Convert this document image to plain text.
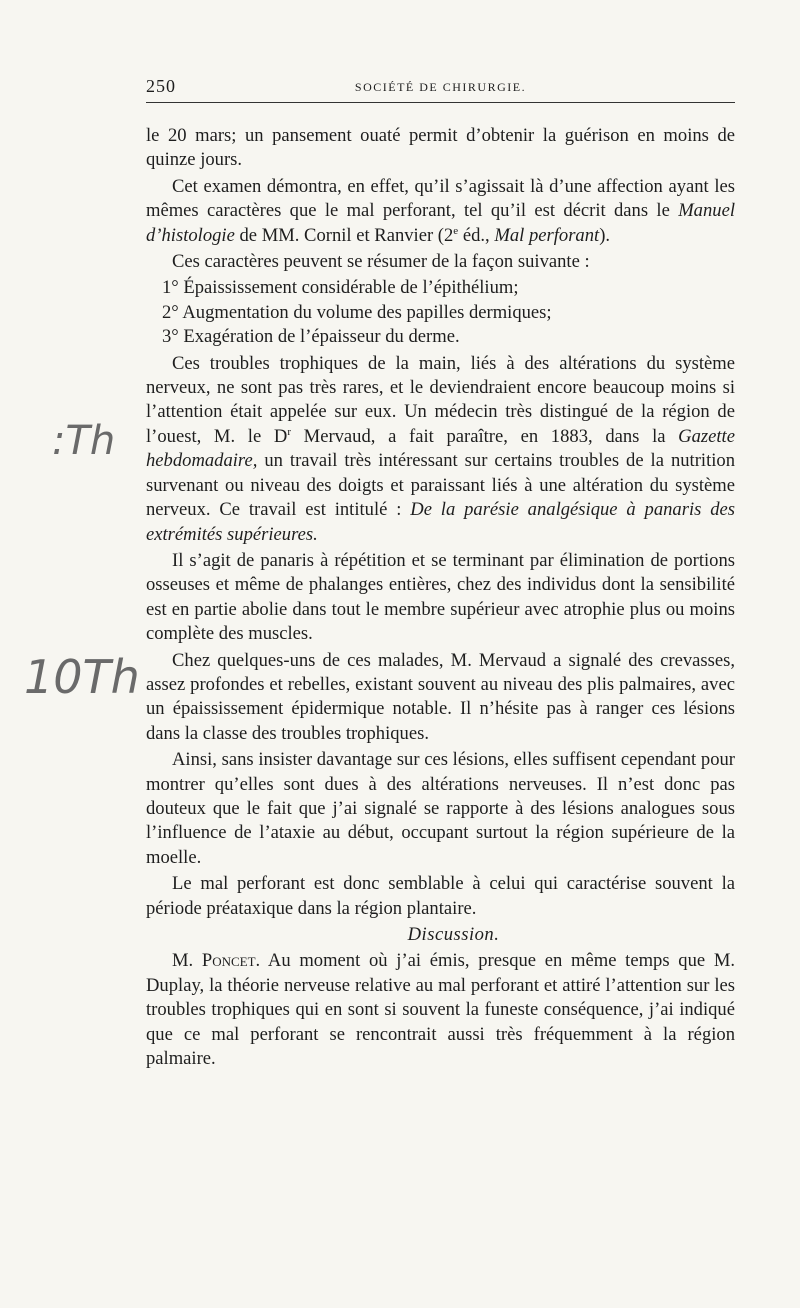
250	SOCIÉTÉ DE CHIRURGIE.
:Th
10Th

le 20 mars; un pansement ouaté permit d’obtenir la guérison en moins de quinze jours.

Cet examen démontra, en effet, qu’il s’agissait là d’une affection ayant les mêmes caractères que le mal perforant, tel qu’il est décrit dans le Manuel d’histologie de MM. Cornil et Ranvier (2e éd., Mal perforant).

Ces caractères peuvent se résumer de la façon suivante :

1° Épaississement considérable de l’épithélium;

2° Augmentation du volume des papilles dermiques;

3° Exagération de l’épaisseur du derme.

Ces troubles trophiques de la main, liés à des altérations du système nerveux, ne sont pas très rares, et le deviendraient encore beaucoup moins si l’attention était appelée sur eux. Un médecin très distingué de la région de l’ouest, M. le $D^r$ Mervaud, a fait paraître, en 1883, dans la Gazette hebdomadaire, un travail très intéressant sur certains troubles de la nutrition survenant ou niveau des doigts et paraissant liés à une altération du système nerveux. Ce travail est intitulé : De la parésie analgésique à panaris des extrémités supérieures.

Il s’agit de panaris à répétition et se terminant par élimination de portions osseuses et même de phalanges entières, chez des individus dont la sensibilité est en partie abolie dans tout le membre supérieur avec atrophie plus ou moins complète des muscles.

Chez quelques-uns de ces malades, M. Mervaud a signalé des crevasses, assez profondes et rebelles, existant souvent au niveau des plis palmaires, avec un épaississement épidermique notable. Il n’hésite pas à ranger ces lésions dans la classe des troubles trophiques.

Ainsi, sans insister davantage sur ces lésions, elles suffisent cependant pour montrer qu’elles sont dues à des altérations nerveuses. Il n’est donc pas douteux que le fait que j’ai signalé se rapporte à des lésions analogues sous l’influence de l’ataxie au début, occupant surtout la région supérieure de la moelle.

Le mal perforant est donc semblable à celui qui caractérise souvent la période préataxique dans la région plantaire.

Discussion.

M. Poncet. Au moment où j’ai émis, presque en même temps que M. Duplay, la théorie nerveuse relative au mal perforant et attiré l’attention sur les troubles trophiques qui en sont si souvent la funeste conséquence, j’ai indiqué que ce mal perforant se rencontrait aussi très fréquemment à la région palmaire.
